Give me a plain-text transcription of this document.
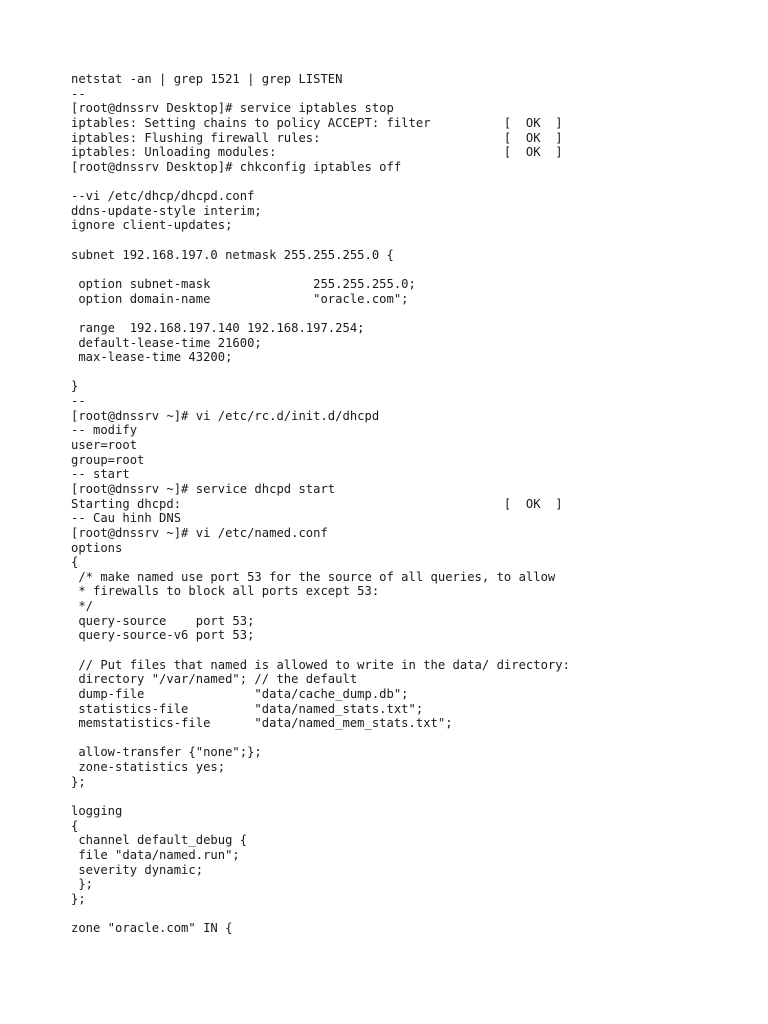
netstat -an | grep 1521 | grep LISTEN
--
[root@dnssrv Desktop]# service iptables stop
iptables: Setting chains to policy ACCEPT: filter          [  OK  ]
iptables: Flushing firewall rules:                         [  OK  ]
iptables: Unloading modules:                               [  OK  ]
[root@dnssrv Desktop]# chkconfig iptables off
--vi /etc/dhcp/dhcpd.conf
ddns-update-style interim;
ignore client-updates;
subnet 192.168.197.0 netmask 255.255.255.0 {
option subnet-mask              255.255.255.0;
option domain-name              "oracle.com";
range  192.168.197.140 192.168.197.254;
default-lease-time 21600;
max-lease-time 43200;
}
--
[root@dnssrv ~]# vi /etc/rc.d/init.d/dhcpd
-- modify
user=root
group=root
-- start
[root@dnssrv ~]# service dhcpd start
Starting dhcpd:                                            [  OK  ]
-- Cau hinh DNS
[root@dnssrv ~]# vi /etc/named.conf
options
{
/* make named use port 53 for the source of all queries, to allow
* firewalls to block all ports except 53:
*/
query-source    port 53;
query-source-v6 port 53;
// Put files that named is allowed to write in the data/ directory:
directory "/var/named"; // the default
dump-file               "data/cache_dump.db";
statistics-file         "data/named_stats.txt";
memstatistics-file      "data/named_mem_stats.txt";
allow-transfer {"none";};
zone-statistics yes;
};
logging
{
channel default_debug {
file "data/named.run";
severity dynamic;
};
};
zone "oracle.com" IN {
